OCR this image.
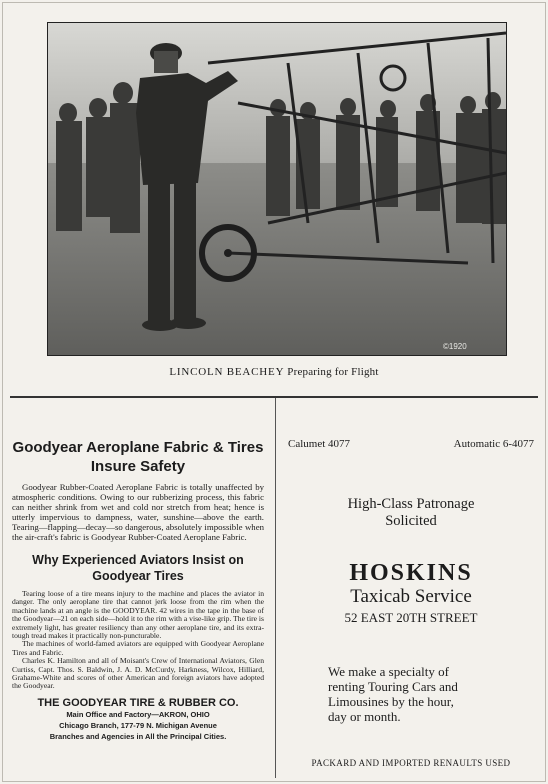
©1920
LINCOLN BEACHEY Preparing for Flight
Goodyear Aeroplane Fabric & Tires Insure Safety

Goodyear Rubber-Coated Aeroplane Fabric is totally unaffected by atmospheric conditions. Owing to our rubberizing process, this fabric can neither shrink from wet and cold nor stretch from heat; hence is utterly impervious to dampness, water, sunshine—above the earth. Tearing—flapping—decay—so dangerous, absolutely impossible when the air-craft's fabric is Goodyear Rubber-Coated Aeroplane Fabric.

Why Experienced Aviators Insist on Goodyear Tires

Tearing loose of a tire means injury to the machine and places the aviator in danger. The only aeroplane tire that cannot jerk loose from the rim when the machine lands at an angle is the GOODYEAR. 42 wires in the tape in the base of the Goodyear—21 on each side—hold it to the rim with a vise-like grip. The tire is extremely light, has greater resiliency than any other aeroplane tire, and its extra-tough tread makes it practically non-puncturable.

The machines of world-famed aviators are equipped with Goodyear Aeroplane Tires and Fabric.

Charles K. Hamilton and all of Moisant's Crew of International Aviators, Glen Curtiss, Capt. Thos. S. Baldwin, J. A. D. McCurdy, Harkness, Wilcox, Hilliard, Grahame-White and scores of other American and foreign aviators have adopted the Goodyear.

THE GOODYEAR TIRE & RUBBER CO.
Main Office and Factory—AKRON, OHIO
Chicago Branch, 177-79 N. Michigan Avenue
Branches and Agencies in All the Principal Cities.
Calumet 4077	Automatic 6-4077
High-Class Patronage
Solicited
HOSKINS
Taxicab Service
52 EAST 20TH STREET
We make a specialty of
renting Touring Cars and
Limousines by the hour,
day or month.
PACKARD AND IMPORTED RENAULTS USED
